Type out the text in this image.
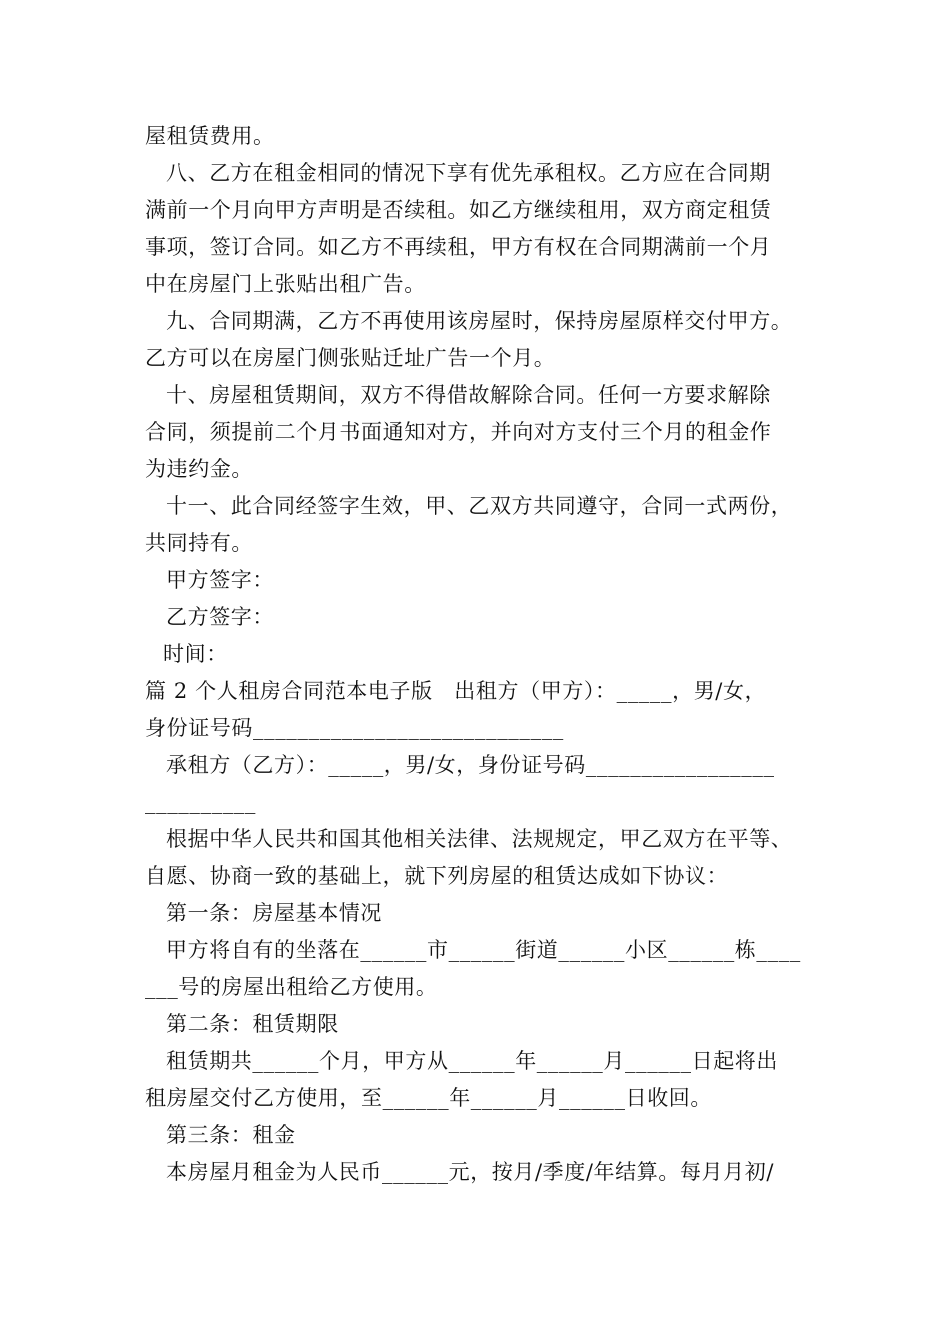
屋租赁费用。
八、乙方在租金相同的情况下享有优先承租权。乙方应在合同期
满前一个月向甲方声明是否续租。如乙方继续租用，双方商定租赁
事项，签订合同。如乙方不再续租，甲方有权在合同期满前一个月
中在房屋门上张贴出租广告。
九、合同期满，乙方不再使用该房屋时，保持房屋原样交付甲方。
乙方可以在房屋门侧张贴迁址广告一个月。
十、房屋租赁期间，双方不得借故解除合同。任何一方要求解除
合同，须提前二个月书面通知对方，并向对方支付三个月的租金作
为违约金。
十一、此合同经签字生效，甲、乙双方共同遵守，合同一式两份，
共同持有。
甲方签字：
乙方签字：
时间：
篇 2 个人租房合同范本电子版　出租方（甲方）：_____，男/女，
身份证号码____________________________
承租方（乙方）：_____，男/女，身份证号码_________________
__________
根据中华人民共和国其他相关法律、法规规定，甲乙双方在平等、
自愿、协商一致的基础上，就下列房屋的租赁达成如下协议：
第一条：房屋基本情况
甲方将自有的坐落在______市______街道______小区______栋____
___号的房屋出租给乙方使用。
第二条：租赁期限
租赁期共______个月，甲方从______年______月______日起将出
租房屋交付乙方使用，至______年______月______日收回。
第三条：租金
本房屋月租金为人民币______元，按月/季度/年结算。每月月初/
